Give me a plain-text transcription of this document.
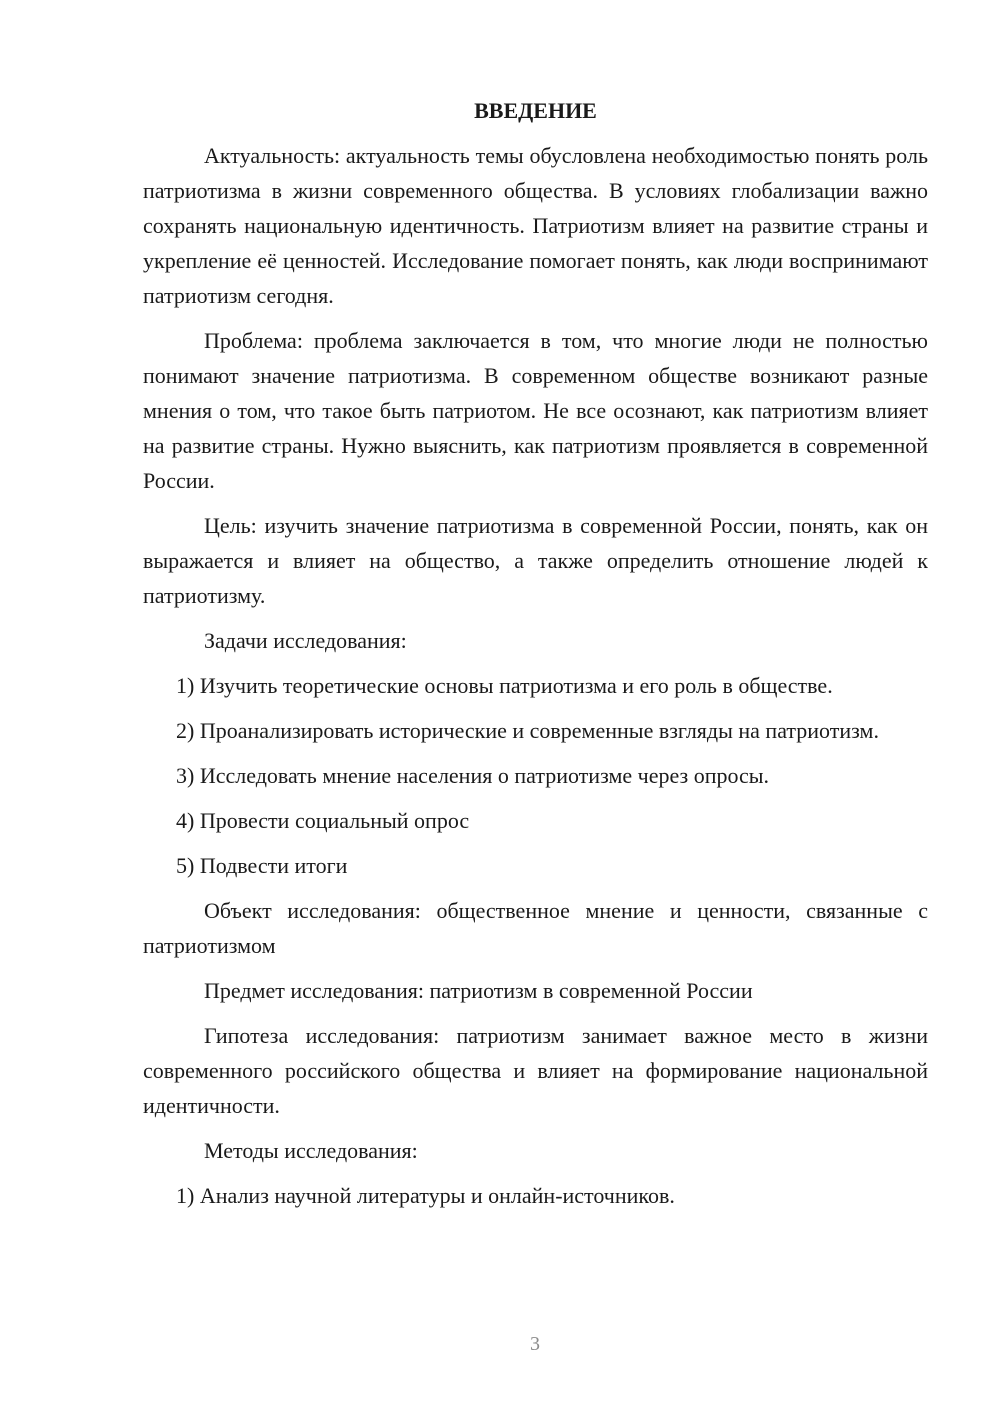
ВВЕДЕНИЕ

Актуальность: актуальность темы обусловлена необходимостью понять роль патриотизма в жизни современного общества. В условиях глобализации важно сохранять национальную идентичность. Патриотизм влияет на развитие страны и укрепление её ценностей. Исследование помогает понять, как люди воспринимают патриотизм сегодня.

Проблема: проблема заключается в том, что многие люди не полностью понимают значение патриотизма. В современном обществе возникают разные мнения о том, что такое быть патриотом. Не все осознают, как патриотизм влияет на развитие страны. Нужно выяснить, как патриотизм проявляется в современной России.

Цель: изучить значение патриотизма в современной России, понять, как он выражается и влияет на общество, а также определить отношение людей к патриотизму.

Задачи исследования:

1) Изучить теоретические основы патриотизма и его роль в обществе.

2) Проанализировать исторические и современные взгляды на патриотизм.

3) Исследовать мнение населения о патриотизме через опросы.

4) Провести социальный опрос

5) Подвести итоги

Объект исследования: общественное мнение и ценности, связанные с патриотизмом

Предмет исследования: патриотизм в современной России

Гипотеза исследования: патриотизм занимает важное место в жизни современного российского общества и влияет на формирование национальной идентичности.

Методы исследования:

1) Анализ научной литературы и онлайн-источников.

3
